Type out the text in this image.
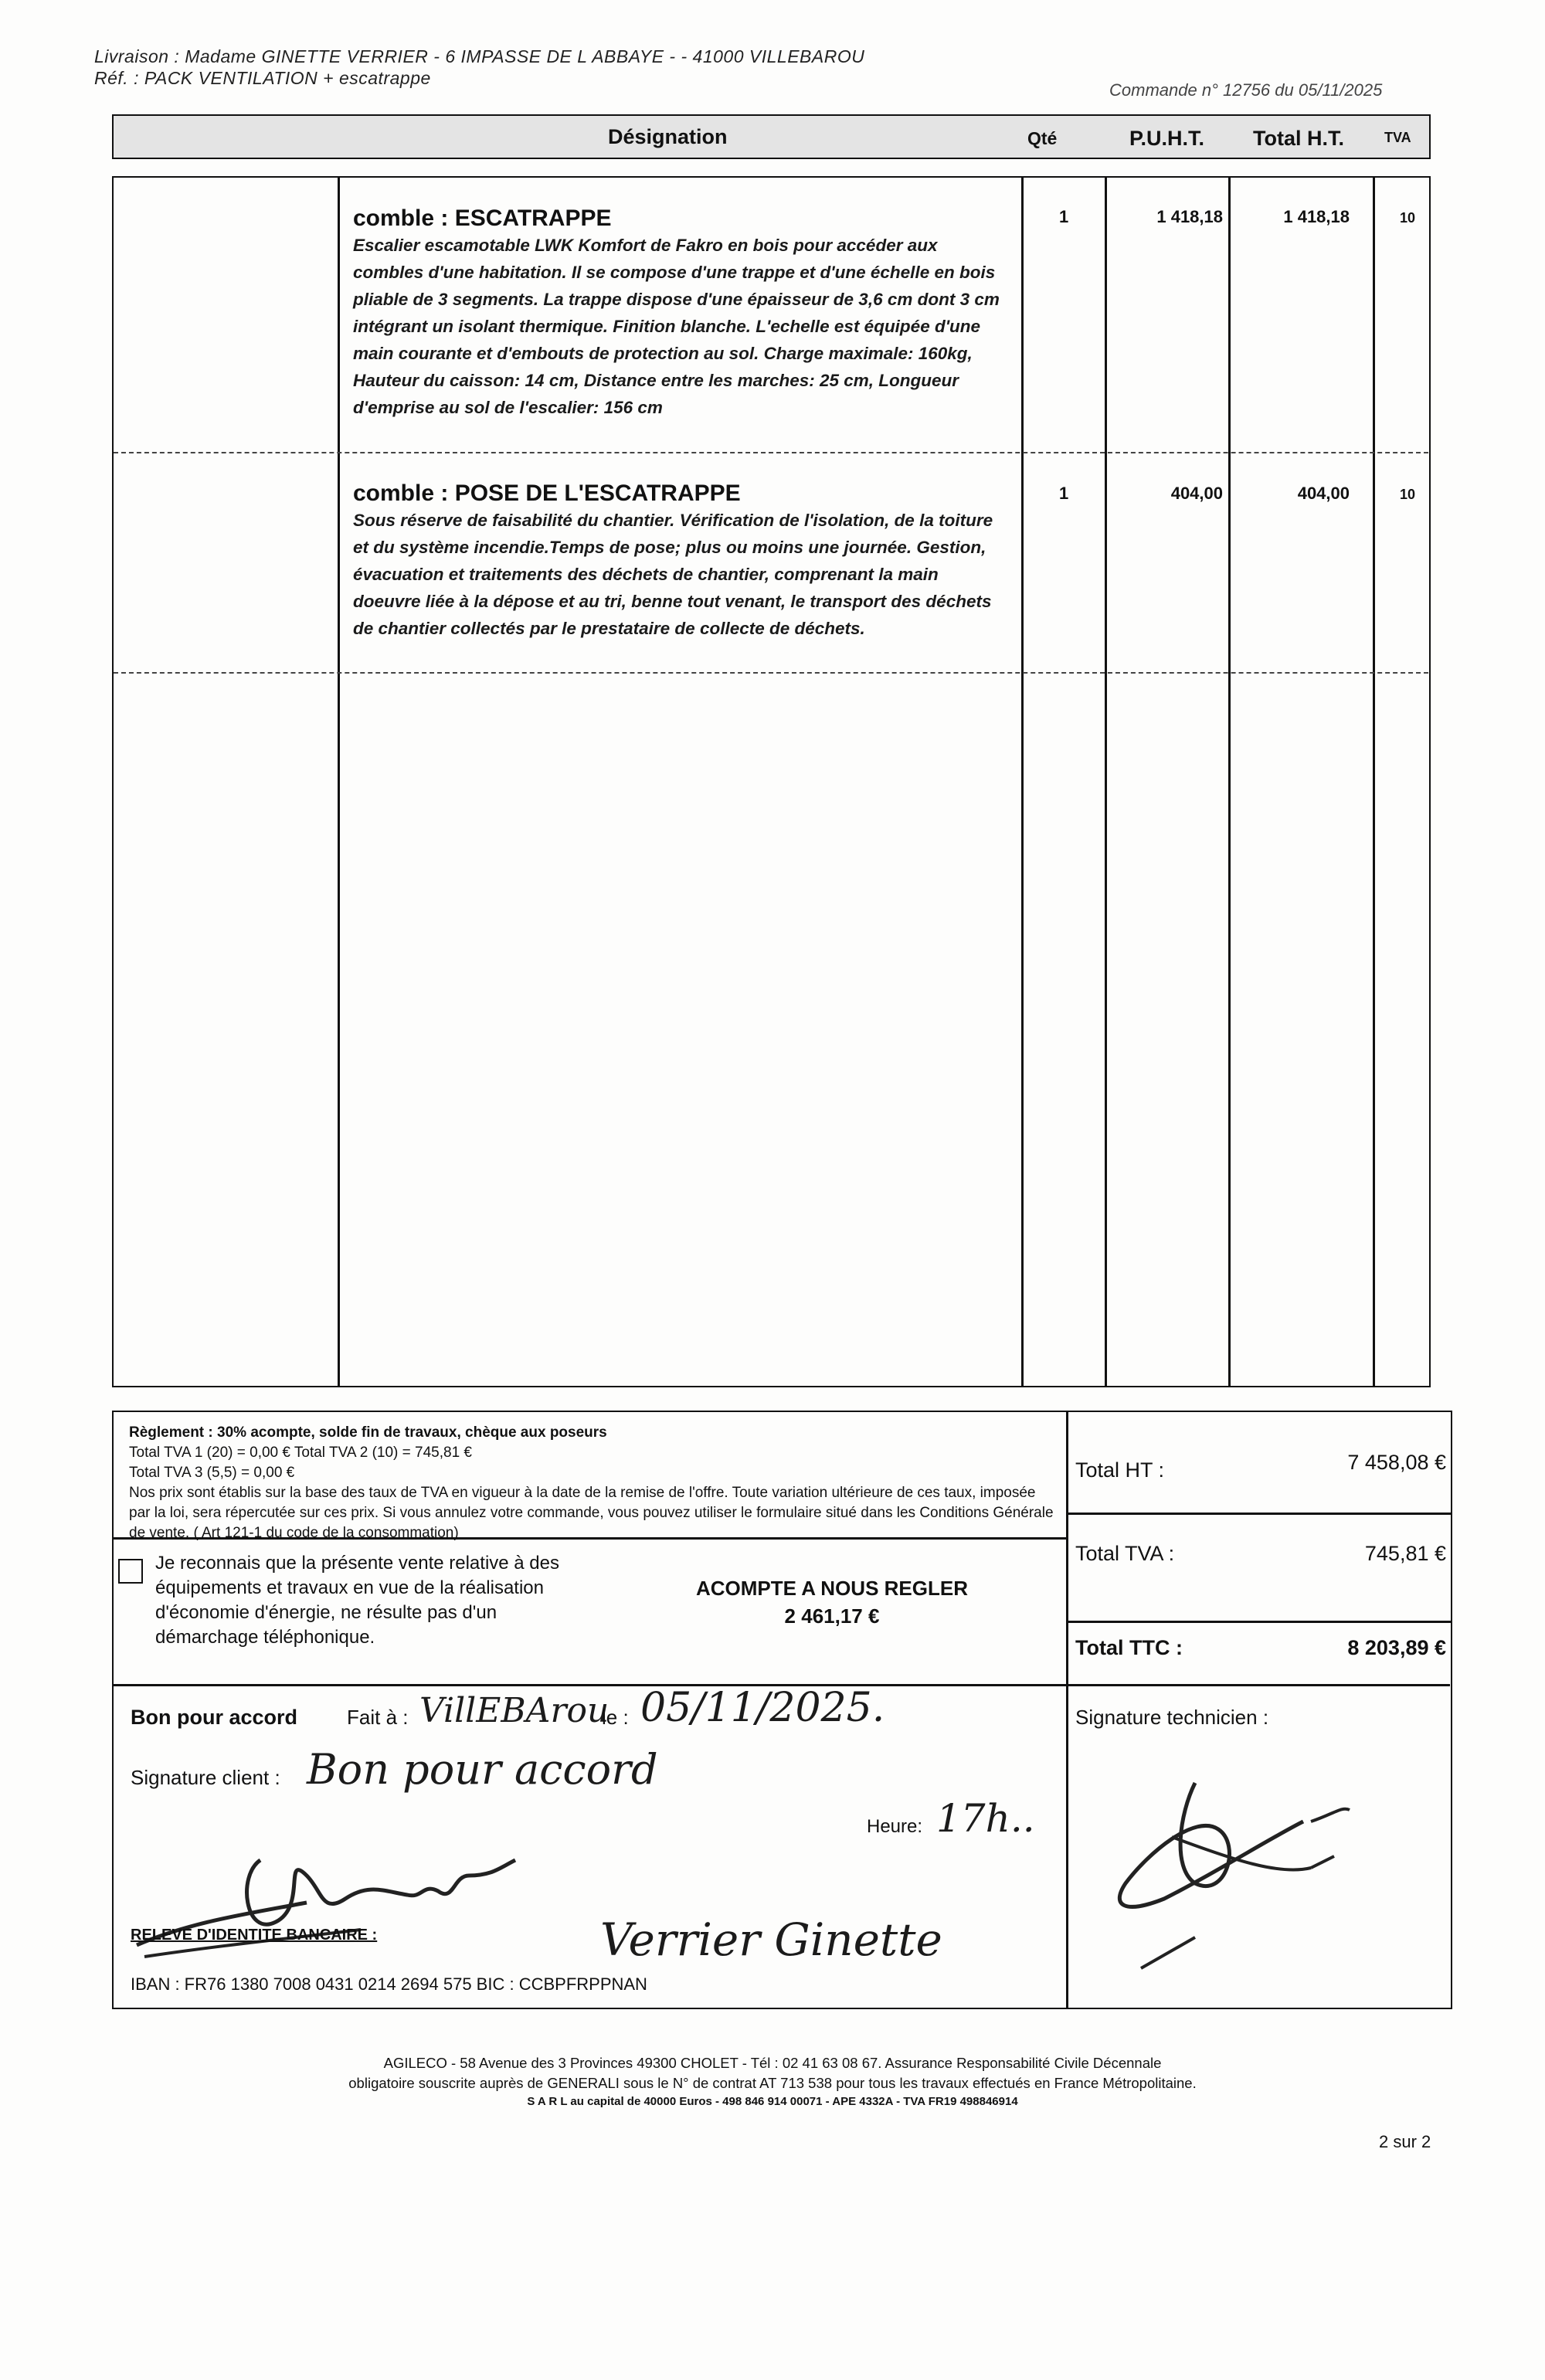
Livraison : Madame GINETTE VERRIER - 6 IMPASSE DE L ABBAYE - - 41000 VILLEBAROU
Réf. : PACK VENTILATION + escatrappe
Commande n° 12756 du 05/11/2025
Désignation	Qté	P.U.H.T. Total H.T.	TVA
comble : ESCATRAPPE
Escalier escamotable LWK Komfort de Fakro en bois pour accéder aux combles d'une habitation. Il se compose d'une trappe et d'une échelle en bois pliable de 3 segments. La trappe dispose d'une épaisseur de 3,6 cm dont 3 cm intégrant un isolant thermique. Finition blanche. L'echelle est équipée d'une main courante et d'embouts de protection au sol. Charge maximale: 160kg, Hauteur du caisson: 14 cm, Distance entre les marches: 25 cm, Longueur d'emprise au sol de l'escalier: 156 cm
1	1 418,18	1 418,18	10
comble : POSE DE L'ESCATRAPPE
Sous réserve de faisabilité du chantier. Vérification de l'isolation, de la toiture et du système incendie.Temps de pose; plus ou moins une journée. Gestion, évacuation et traitements des déchets de chantier, comprenant la main doeuvre liée à la dépose et au tri, benne tout venant, le transport des déchets de chantier collectés par le prestataire de collecte de déchets.
1	404,00	404,00	10
Règlement : 30% acompte, solde fin de travaux, chèque aux poseurs
Total TVA 1 (20) = 0,00 € Total TVA 2 (10) = 745,81 €
Total TVA 3 (5,5) = 0,00 €
Nos prix sont établis sur la base des taux de TVA en vigueur à la date de la remise de l'offre. Toute variation ultérieure de ces taux, imposée par la loi, sera répercutée sur ces prix. Si vous annulez votre commande, vous pouvez utiliser le formulaire situé dans les Conditions Générale de vente. ( Art 121-1 du code de la consommation)
Je reconnais que la présente vente relative à des équipements et travaux en vue de la réalisation d'économie d'énergie, ne résulte pas d'un démarchage téléphonique.
ACOMPTE A NOUS REGLER
2 461,17 €
Total HT :	7 458,08 €
Total TVA :	745,81 €
Total TTC :	8 203,89 €
Bon pour accord Fait à : VillEBArou
le : 05/11/2025.
Signature client : Bon pour accord
Heure: 17h..
RELEVE D'IDENTITE BANCAIRE :	Verrier Ginette
IBAN : FR76 1380 7008 0431 0214 2694 575 BIC : CCBPFRPPNAN
Signature technicien :
AGILECO - 58 Avenue des 3 Provinces 49300 CHOLET - Tél : 02 41 63 08 67. Assurance Responsabilité Civile Décennale
obligatoire souscrite auprès de GENERALI sous le N° de contrat AT 713 538 pour tous les travaux effectués en France Métropolitaine.
S A R L au capital de 40000 Euros - 498 846 914 00071 - APE 4332A - TVA FR19 498846914
2 sur 2
